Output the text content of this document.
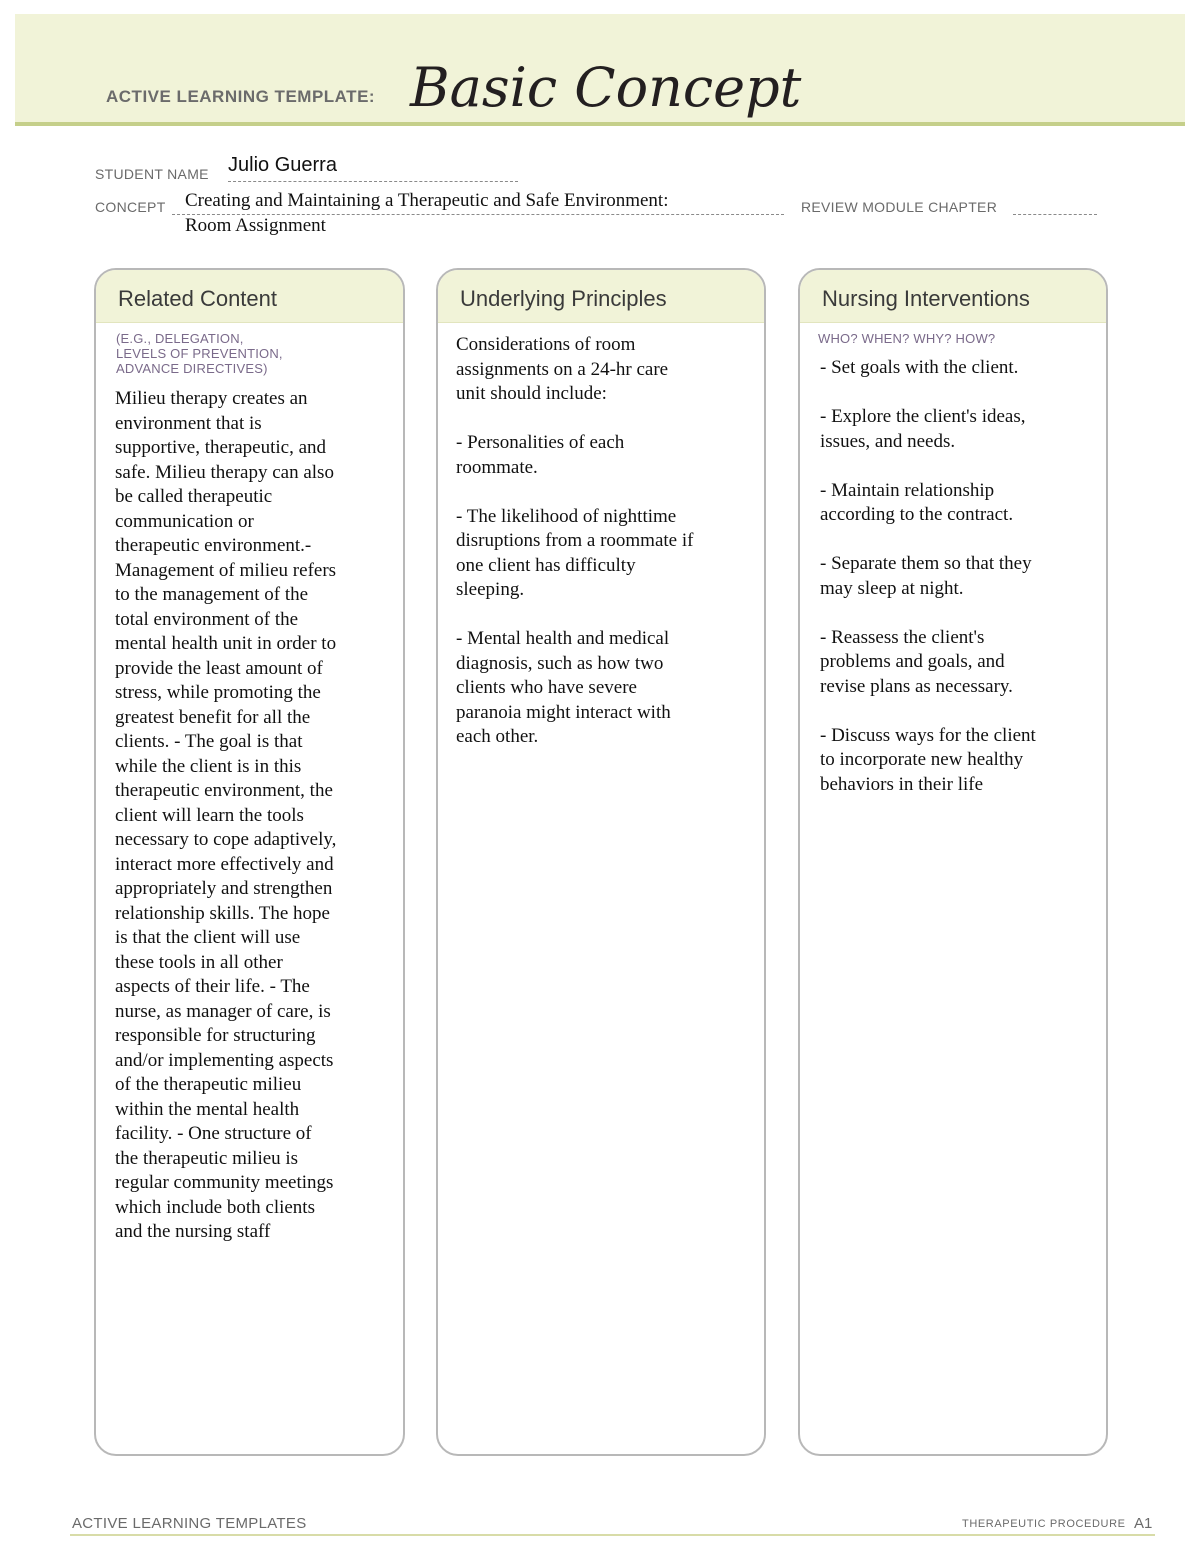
ACTIVE LEARNING TEMPLATE: Basic Concept
STUDENT NAME Julio Guerra
CONCEPT Creating and Maintaining a Therapeutic and Safe Environment:
Room Assignment
REVIEW MODULE CHAPTER
Related Content
(E.G., DELEGATION,
LEVELS OF PREVENTION,
ADVANCE DIRECTIVES)
Milieu therapy creates an
environment that is
supportive, therapeutic, and
safe. Milieu therapy can also
be called therapeutic
communication or
therapeutic environment.-
Management of milieu refers
to the management of the
total environment of the
mental health unit in order to
provide the least amount of
stress, while promoting the
greatest benefit for all the
clients. - The goal is that
while the client is in this
therapeutic environment, the
client will learn the tools
necessary to cope adaptively,
interact more effectively and
appropriately and strengthen
relationship skills. The hope
is that the client will use
these tools in all other
aspects of their life. - The
nurse, as manager of care, is
responsible for structuring
and/or implementing aspects
of the therapeutic milieu
within the mental health
facility. - One structure of
the therapeutic milieu is
regular community meetings
which include both clients
and the nursing staff
Underlying Principles
Considerations of room
assignments on a 24-hr care
unit should include:

- Personalities of each
roommate.

- The likelihood of nighttime
disruptions from a roommate if
one client has difficulty
sleeping.

- Mental health and medical
diagnosis, such as how two
clients who have severe
paranoia might interact with
each other.
Nursing Interventions
WHO? WHEN? WHY? HOW?
- Set goals with the client.

- Explore the client's ideas,
issues, and needs.

- Maintain relationship
according to the contract.

- Separate them so that they
may sleep at night.

- Reassess the client's
problems and goals, and
revise plans as necessary.

- Discuss ways for the client
to incorporate new healthy
behaviors in their life
ACTIVE LEARNING TEMPLATES	THERAPEUTIC PROCEDURE A1
